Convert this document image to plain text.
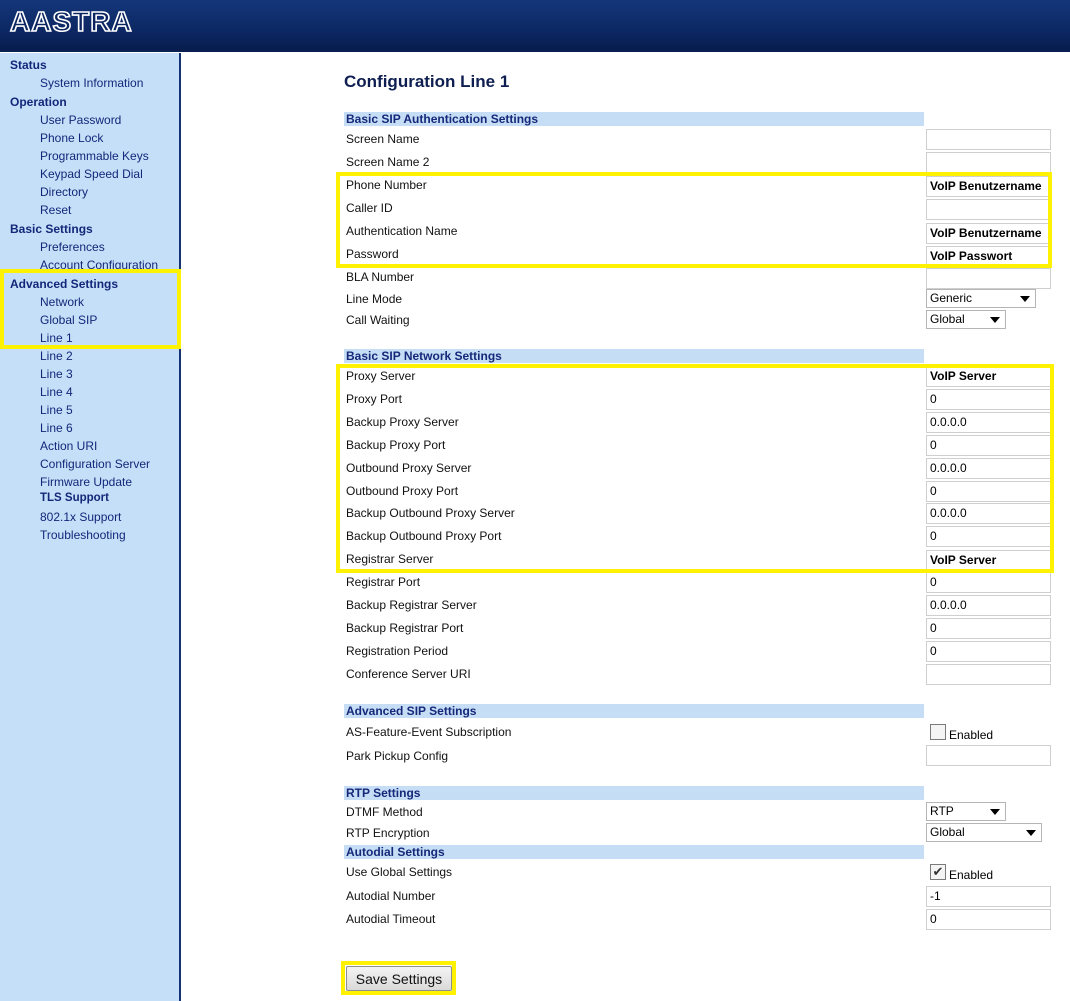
AASTRA
Status
System Information
Operation
User Password
Phone Lock
Programmable Keys
Keypad Speed Dial
Directory
Reset
Basic Settings
Preferences
Account Configuration
Advanced Settings
Network
Global SIP
Line 1
Line 2
Line 3
Line 4
Line 5
Line 6
Action URI
Configuration Server
Firmware Update
TLS Support
802.1x Support
Troubleshooting
Configuration Line 1
Basic SIP Authentication Settings
Screen Name
Screen Name 2
Phone Number	VoIP Benutzername
Caller ID
Authentication Name	VoIP Benutzername
Password	VoIP Passwort
BLA Number
Line Mode	Generic
Call Waiting	Global
Basic SIP Network Settings
Proxy Server	VoIP Server
Proxy Port	0
Backup Proxy Server	0.0.0.0
Backup Proxy Port	0
Outbound Proxy Server	0.0.0.0
Outbound Proxy Port	0
Backup Outbound Proxy Server	0.0.0.0
Backup Outbound Proxy Port	0
Registrar Server	VoIP Server
Registrar Port	0
Backup Registrar Server	0.0.0.0
Backup Registrar Port	0
Registration Period	0
Conference Server URI
Advanced SIP Settings
AS-Feature-Event Subscription	Enabled
Park Pickup Config
RTP Settings
DTMF Method	RTP
RTP Encryption	Global
Autodial Settings
Use Global Settings	✔ Enabled
Autodial Number	-1
Autodial Timeout	0
Save Settings
